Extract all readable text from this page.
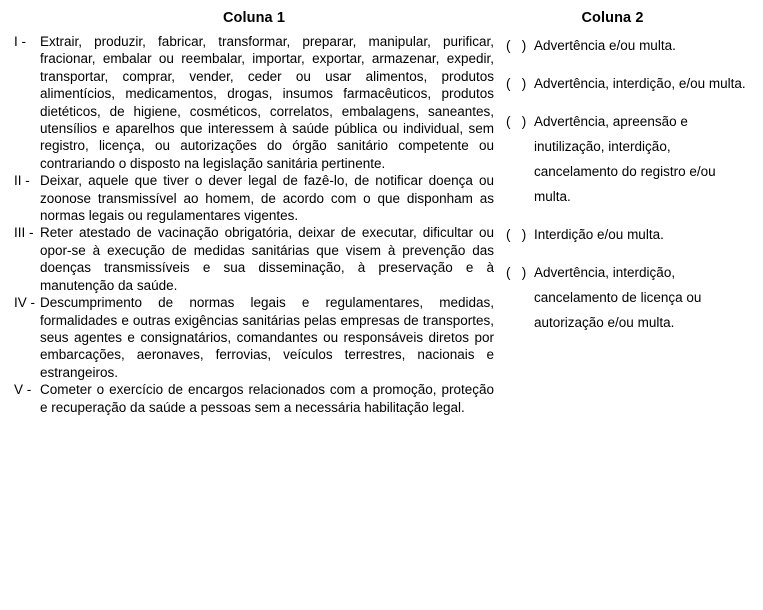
Coluna 1
I -	Extrair, produzir, fabricar, transformar, preparar, manipular, purificar, fracionar, embalar ou reembalar, importar, exportar, armazenar, expedir, transportar, comprar, vender, ceder ou usar alimentos, produtos alimentícios, medicamentos, drogas, insumos farmacêuticos, produtos dietéticos, de higiene, cosméticos, correlatos, embalagens, saneantes, utensílios e aparelhos que interessem à saúde pública ou individual, sem registro, licença, ou autorizações do órgão sanitário competente ou contrariando o disposto na legislação sanitária pertinente.
II - Deixar, aquele que tiver o dever legal de fazê-lo, de notificar doença ou zoonose transmissível ao homem, de acordo com o que disponham as normas legais ou regulamentares vigentes.
III - Reter atestado de vacinação obrigatória, deixar de executar, dificultar ou opor-se à execução de medidas sanitárias que visem à prevenção das doenças transmissíveis e sua disseminação, à preservação e à manutenção da saúde.
IV - Descumprimento de normas legais e regulamentares, medidas, formalidades e outras exigências sanitárias pelas empresas de transportes, seus agentes e consignatários, comandantes ou responsáveis diretos por embarcações, aeronaves, ferrovias, veículos terrestres, nacionais e estrangeiros.
V - Cometer o exercício de encargos relacionados com a promoção, proteção e recuperação da saúde a pessoas sem a necessária habilitação legal.
Coluna 2
(   ) Advertência e/ou multa.
(   ) Advertência, interdição, e/ou multa.
(   ) Advertência, apreensão e inutilização, interdição, cancelamento do registro e/ou multa.
(   ) Interdição e/ou multa.
(   ) Advertência, interdição, cancelamento de licença ou autorização e/ou multa.
